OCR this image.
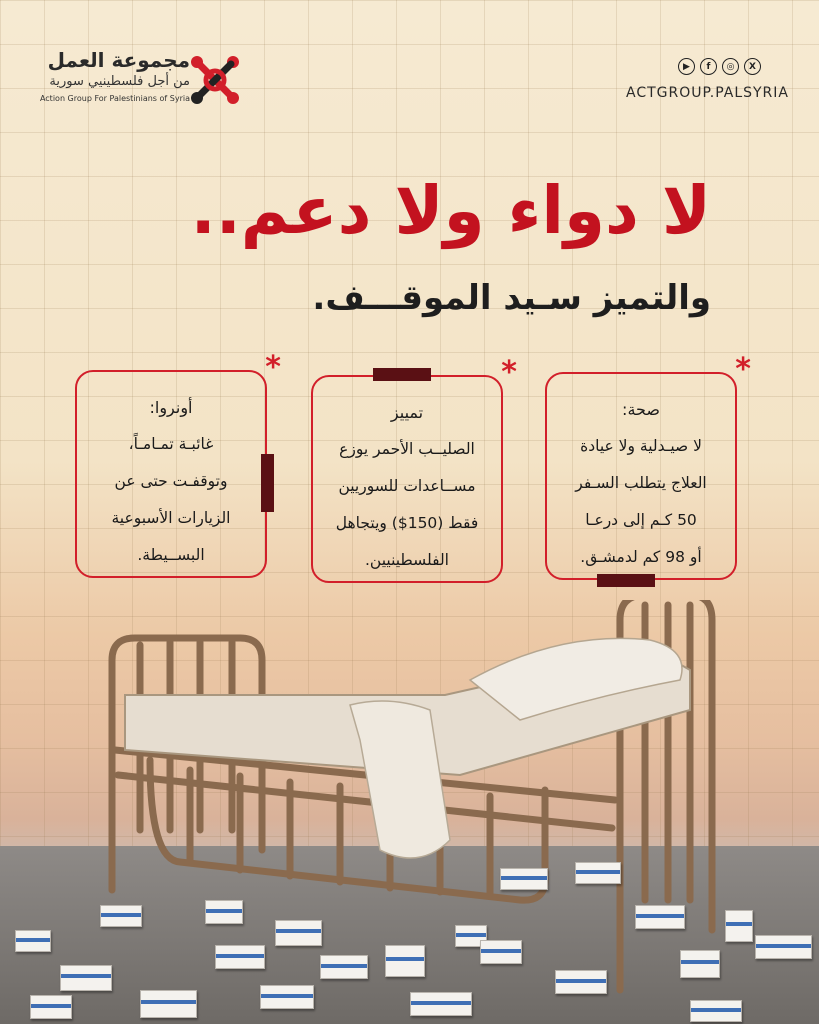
مجموعة العمل
من أجل فلسطينيي سورية
Action Group For Palestinians of Syria
▶	f	◎	X
ACTGROUP.PALSYRIA
لا دواء ولا دعم..
والتميز سـيد الموقـــف.
*
صحة:
لا صيـدلية ولا عيادة
العلاج يتطلب السـفر
50 كـم إلى درعـا
أو 98 كم لدمشـق.
*
تمييز
الصليــب الأحمر يوزع
مســاعدات للسوريين
فقط (150$) ويتجاهل
الفلسطينيين.
*
أونروا:
غائبـة تمـامـاً،
وتوقفـت حتى عن
الزيارات الأسبوعية
البســيطة.
